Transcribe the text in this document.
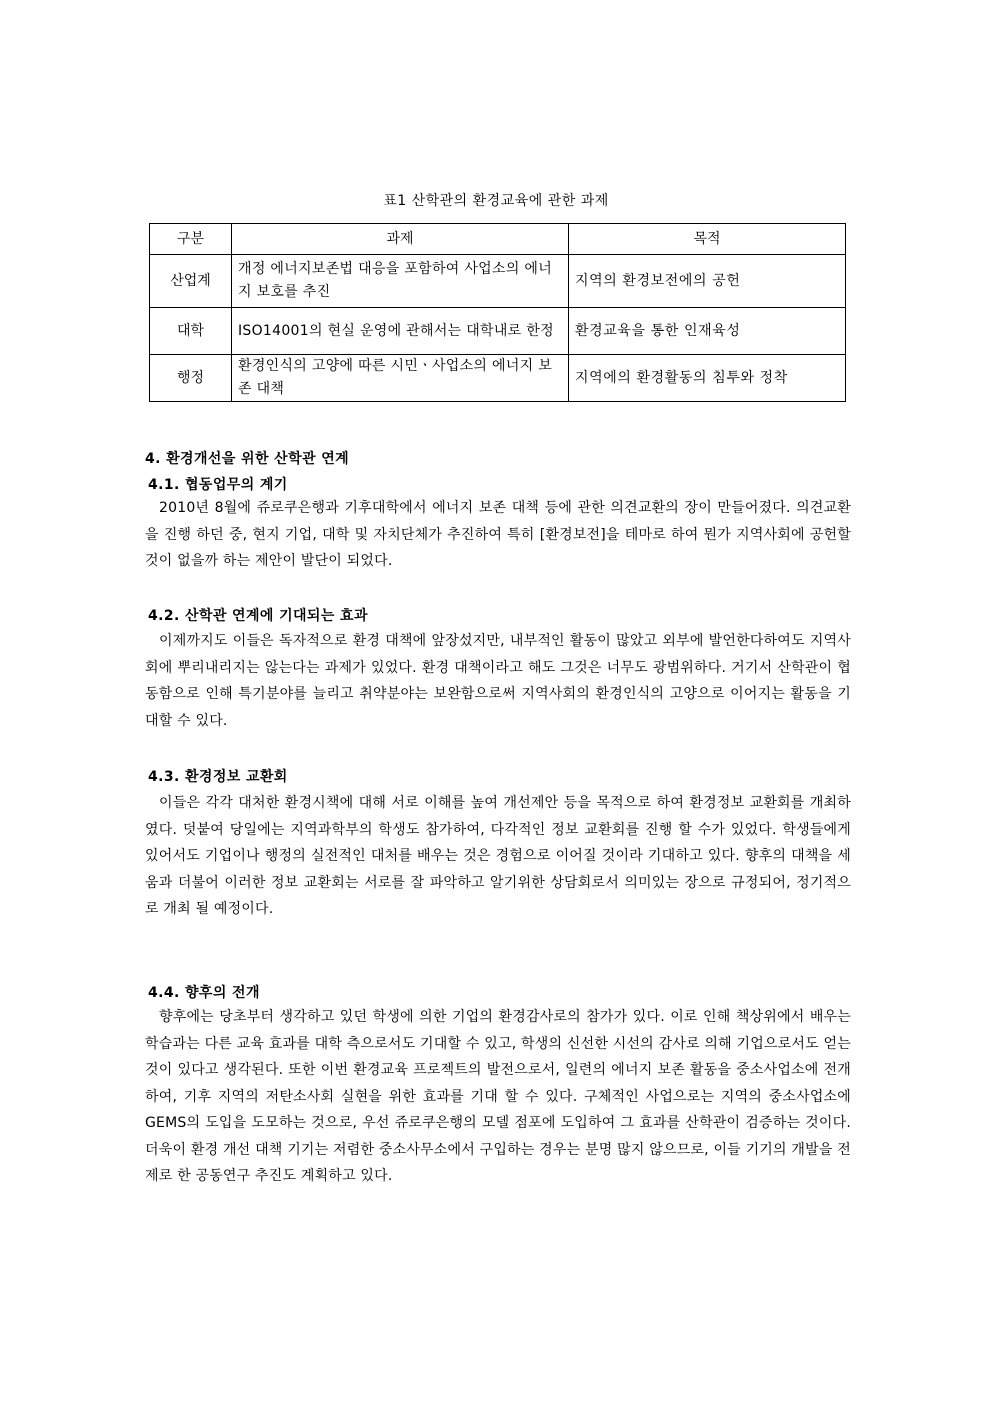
표1 산학관의 환경교육에 관한 과제
구분	과제	목적
산업계	개정 에너지보존법 대응을 포함하여 사업소의 에너지 보호를 추진	지역의 환경보전에의 공헌
대학	ISO14001의 현실 운영에 관해서는 대학내로 한정	환경교육을 통한 인재육성
행정	환경인식의 고양에 따른 시민ㆍ사업소의 에너지 보존 대책	지역에의 환경활동의 침투와 정착
4. 환경개선을 위한 산학관 연계
4.1. 협동업무의 계기

2010년 8월에 쥬로쿠은행과 기후대학에서 에너지 보존 대책 등에 관한 의견교환의 장이 만들어졌다. 의견교환을 진행 하던 중, 현지 기업, 대학 및 자치단체가 추진하여 특히 [환경보전]을 테마로 하여 뭔가 지역사회에 공헌할 것이 없을까 하는 제안이 발단이 되었다.

4.2. 산학관 연계에 기대되는 효과

이제까지도 이들은 독자적으로 환경 대책에 앞장섰지만, 내부적인 활동이 많았고 외부에 발언한다하여도 지역사회에 뿌리내리지는 않는다는 과제가 있었다. 환경 대책이라고 해도 그것은 너무도 광범위하다. 거기서 산학관이 협동함으로 인해 특기분야를 늘리고 취약분야는 보완함으로써 지역사회의 환경인식의 고양으로 이어지는 활동을 기대할 수 있다.

4.3. 환경정보 교환회

이들은 각각 대처한 환경시책에 대해 서로 이해를 높여 개선제안 등을 목적으로 하여 환경정보 교환회를 개최하였다. 덧붙여 당일에는 지역과학부의 학생도 참가하여, 다각적인 정보 교환회를 진행 할 수가 있었다. 학생들에게 있어서도 기업이나 행정의 실전적인 대처를 배우는 것은 경험으로 이어질 것이라 기대하고 있다. 향후의 대책을 세움과 더불어 이러한 정보 교환회는 서로를 잘 파악하고 알기위한 상담회로서 의미있는 장으로 규정되어, 정기적으로 개최 될 예정이다.

4.4. 향후의 전개

향후에는 당초부터 생각하고 있던 학생에 의한 기업의 환경감사로의 참가가 있다. 이로 인해 책상위에서 배우는 학습과는 다른 교육 효과를 대학 측으로서도 기대할 수 있고, 학생의 신선한 시선의 감사로 의해 기업으로서도 얻는 것이 있다고 생각된다. 또한 이번 환경교육 프로젝트의 발전으로서, 일련의 에너지 보존 활동을 중소사업소에 전개하여, 기후 지역의 저탄소사회 실현을 위한 효과를 기대 할 수 있다. 구체적인 사업으로는 지역의 중소사업소에 GEMS의 도입을 도모하는 것으로, 우선 쥬로쿠은행의 모델 점포에 도입하여 그 효과를 산학관이 검증하는 것이다. 더욱이 환경 개선 대책 기기는 저렴한 중소사무소에서 구입하는 경우는 분명 많지 않으므로, 이들 기기의 개발을 전제로 한 공동연구 추진도 계획하고 있다.
